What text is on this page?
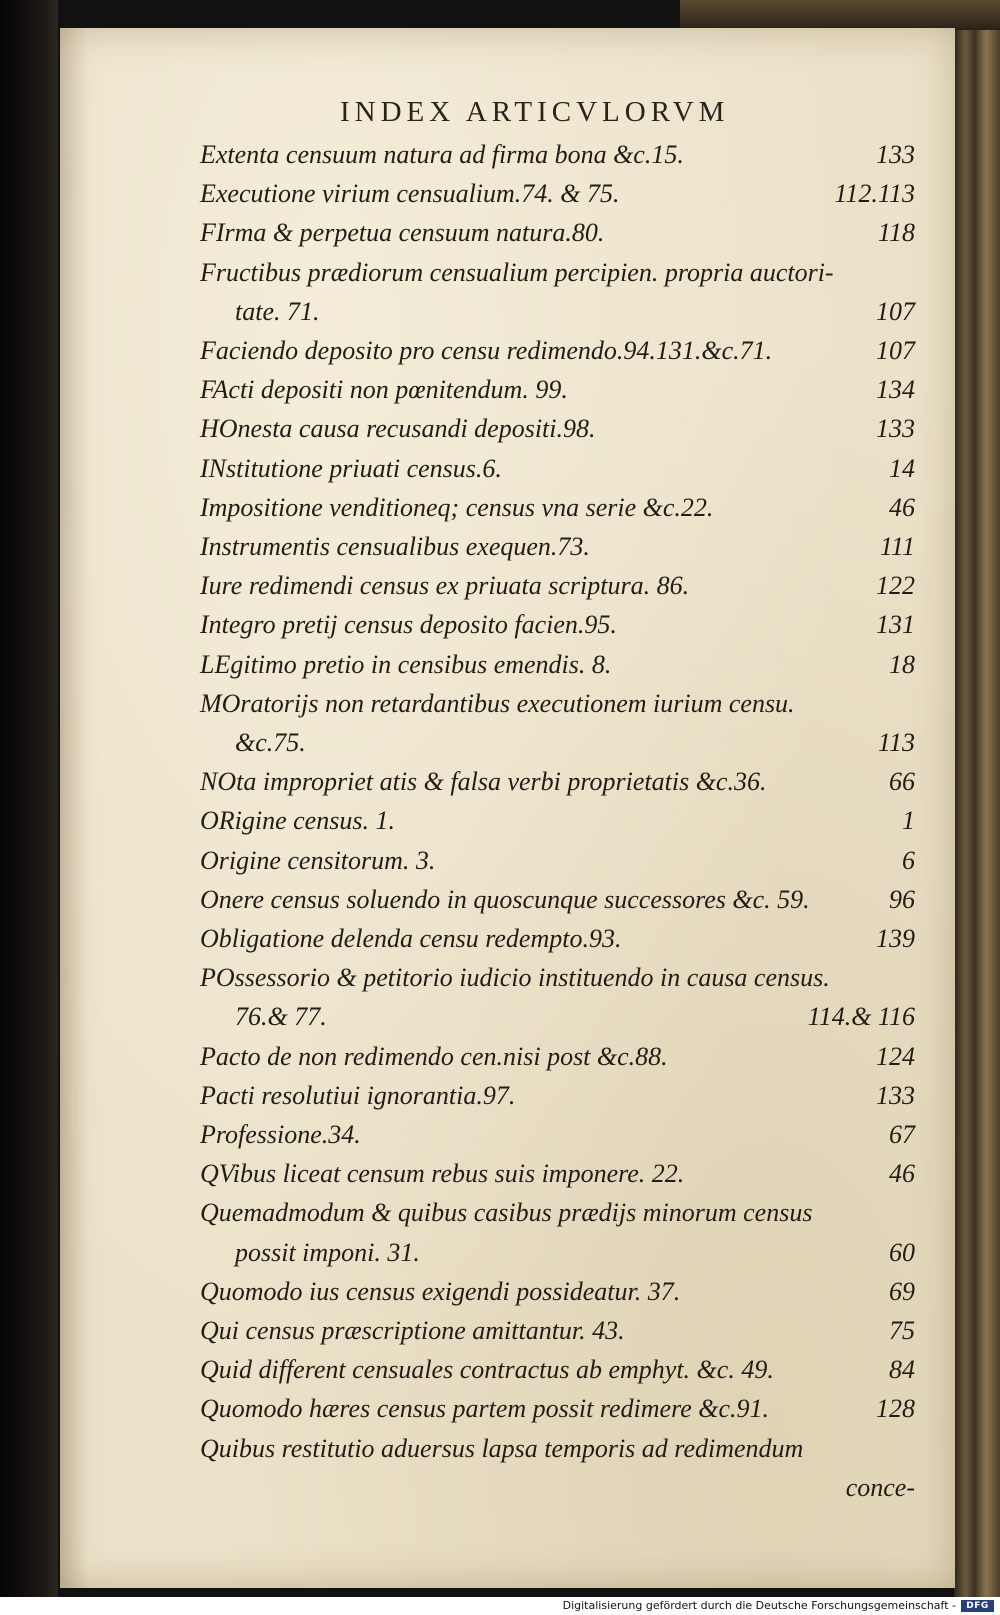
INDEX ARTICVLORVM
Extenta censuum natura ad firma bona &c.15.	133
Executione virium censualium.74. & 75.	112.113
FIrma & perpetua censuum natura.80.	118
Fructibus prædiorum censualium percipien. propria auctori-
tate. 71.	107
Faciendo deposito pro censu redimendo.94.131.&c.71.	107
FActi depositi non pœnitendum. 99.	134
HOnesta causa recusandi depositi.98.	133
INstitutione priuati census.6.	14
Impositione venditioneq; census vna serie &c.22.	46
Instrumentis censualibus exequen.73.	111
Iure redimendi census ex priuata scriptura. 86.	122
Integro pretij census deposito facien.95.	131
LEgitimo pretio in censibus emendis. 8.	18
MOratorijs non retardantibus executionem iurium censu.
&c.75.	113
NOta impropriet atis & falsa verbi proprietatis &c.36.	66
ORigine census. 1.	1
Origine censitorum. 3.	6
Onere census soluendo in quoscunque successores &c. 59.	96
Obligatione delenda censu redempto.93.	139
POssessorio & petitorio iudicio instituendo in causa census.
76.& 77.	114.& 116
Pacto de non redimendo cen.nisi post &c.88.	124
Pacti resolutiui ignorantia.97.	133
Professione.34.	67
QVibus liceat censum rebus suis imponere. 22.	46
Quemadmodum & quibus casibus prædijs minorum census
possit imponi. 31.	60
Quomodo ius census exigendi possideatur. 37.	69
Qui census præscriptione amittantur. 43.	75
Quid different censuales contractus ab emphyt. &c. 49.	84
Quomodo hæres census partem possit redimere &c.91.	128
Quibus restitutio aduersus lapsa temporis ad redimendum
conce-
Digitalisierung gefördert durch die Deutsche Forschungsgemeinschaft -	DFG
